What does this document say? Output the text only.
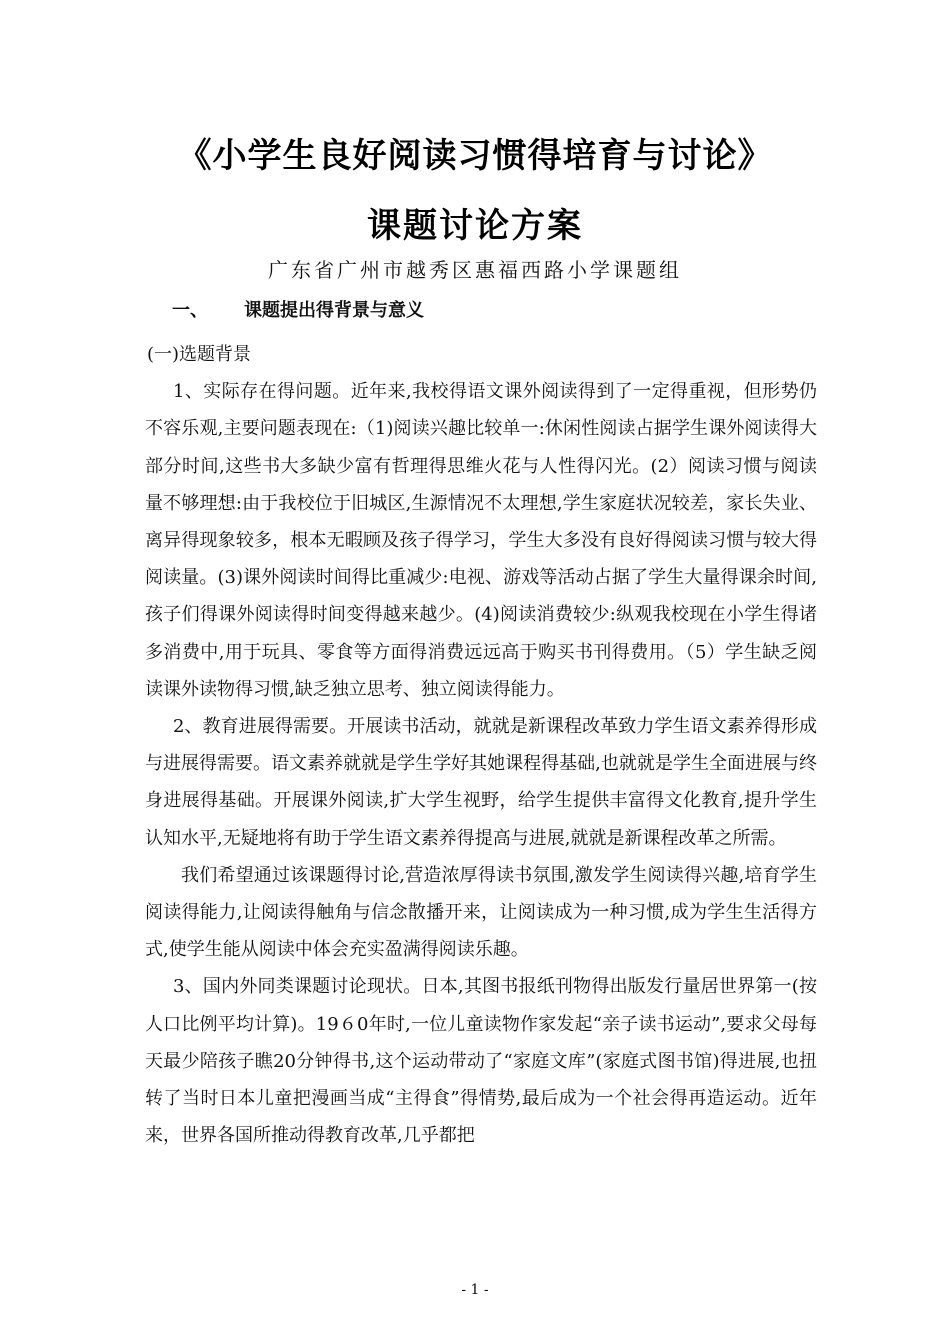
《小学生良好阅读习惯得培育与讨论》
课题讨论方案
广东省广州市越秀区惠福西路小学课题组
一、 课题提出得背景与意义

(一)选题背景

1、实际存在得问题。近年来,我校得语文课外阅读得到了一定得重视，但形势仍不容乐观,主要问题表现在:（1)阅读兴趣比较单一:休闲性阅读占据学生课外阅读得大部分时间,这些书大多缺少富有哲理得思维火花与人性得闪光。(2）阅读习惯与阅读量不够理想:由于我校位于旧城区,生源情况不太理想,学生家庭状况较差，家长失业、离异得现象较多，根本无暇顾及孩子得学习，学生大多没有良好得阅读习惯与较大得阅读量。(3)课外阅读时间得比重减少:电视、游戏等活动占据了学生大量得课余时间,孩子们得课外阅读得时间变得越来越少。(4)阅读消费较少:纵观我校现在小学生得诸多消费中,用于玩具、零食等方面得消费远远高于购买书刊得费用。（5）学生缺乏阅读课外读物得习惯,缺乏独立思考、独立阅读得能力。

2、教育进展得需要。开展读书活动，就就是新课程改革致力学生语文素养得形成与进展得需要。语文素养就就是学生学好其她课程得基础,也就就是学生全面进展与终身进展得基础。开展课外阅读,扩大学生视野，给学生提供丰富得文化教育,提升学生认知水平,无疑地将有助于学生语文素养得提高与进展,就就是新课程改革之所需。

我们希望通过该课题得讨论,营造浓厚得读书氛围,激发学生阅读得兴趣,培育学生阅读得能力,让阅读得触角与信念散播开来，让阅读成为一种习惯,成为学生生活得方式,使学生能从阅读中体会充实盈满得阅读乐趣。

3、国内外同类课题讨论现状。日本,其图书报纸刊物得出版发行量居世界第一(按人口比例平均计算)。19６0年时,一位儿童读物作家发起“亲子读书运动”,要求父母每天最少陪孩子瞧20分钟得书,这个运动带动了“家庭文库”(家庭式图书馆)得进展,也扭转了当时日本儿童把漫画当成“主得食”得情势,最后成为一个社会得再造运动。近年来，世界各国所推动得教育改革,几乎都把

- 1 -
